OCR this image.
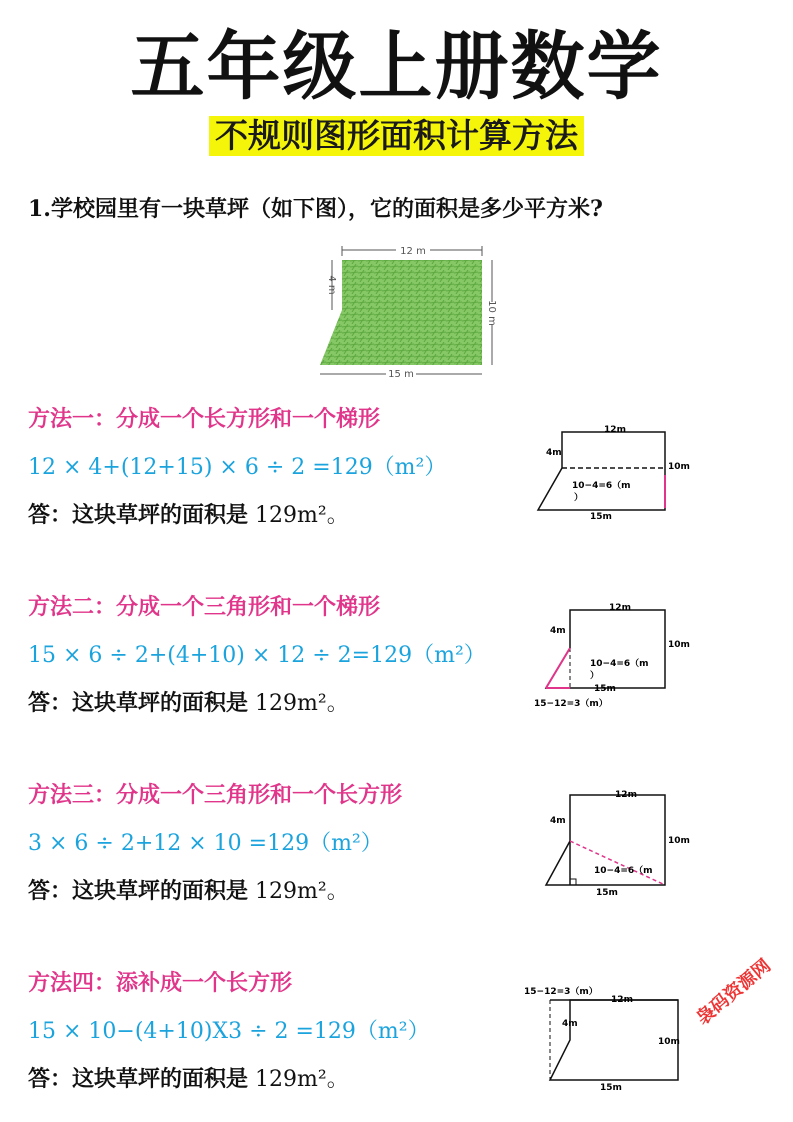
五年级上册数学
不规则图形面积计算方法
1.学校园里有一块草坪（如下图），它的面积是多少平方米?
12 m
4 m
10 m
15 m
方法一：分成一个长方形和一个梯形
12 × 4+(12+15) × 6 ÷ 2 =129（m²）
答：这块草坪的面积是 129m²。
12m
4m
10m
10−4=6（m
）
15m
方法二：分成一个三角形和一个梯形
15 × 6 ÷ 2+(4+10) × 12 ÷ 2=129（m²）
答：这块草坪的面积是 129m²。
12m
4m
10m
10−4=6（m
）
15m
15−12=3（m）
方法三：分成一个三角形和一个长方形
3 × 6 ÷ 2+12 × 10 =129（m²）
答：这块草坪的面积是 129m²。
12m
4m
10m
10−4=6（m
15m
方法四：添补成一个长方形
15 × 10−(4+10)X3 ÷ 2 =129（m²）
答：这块草坪的面积是 129m²。
15−12=3（m）
12m
4m
10m
15m
袅码资源网
